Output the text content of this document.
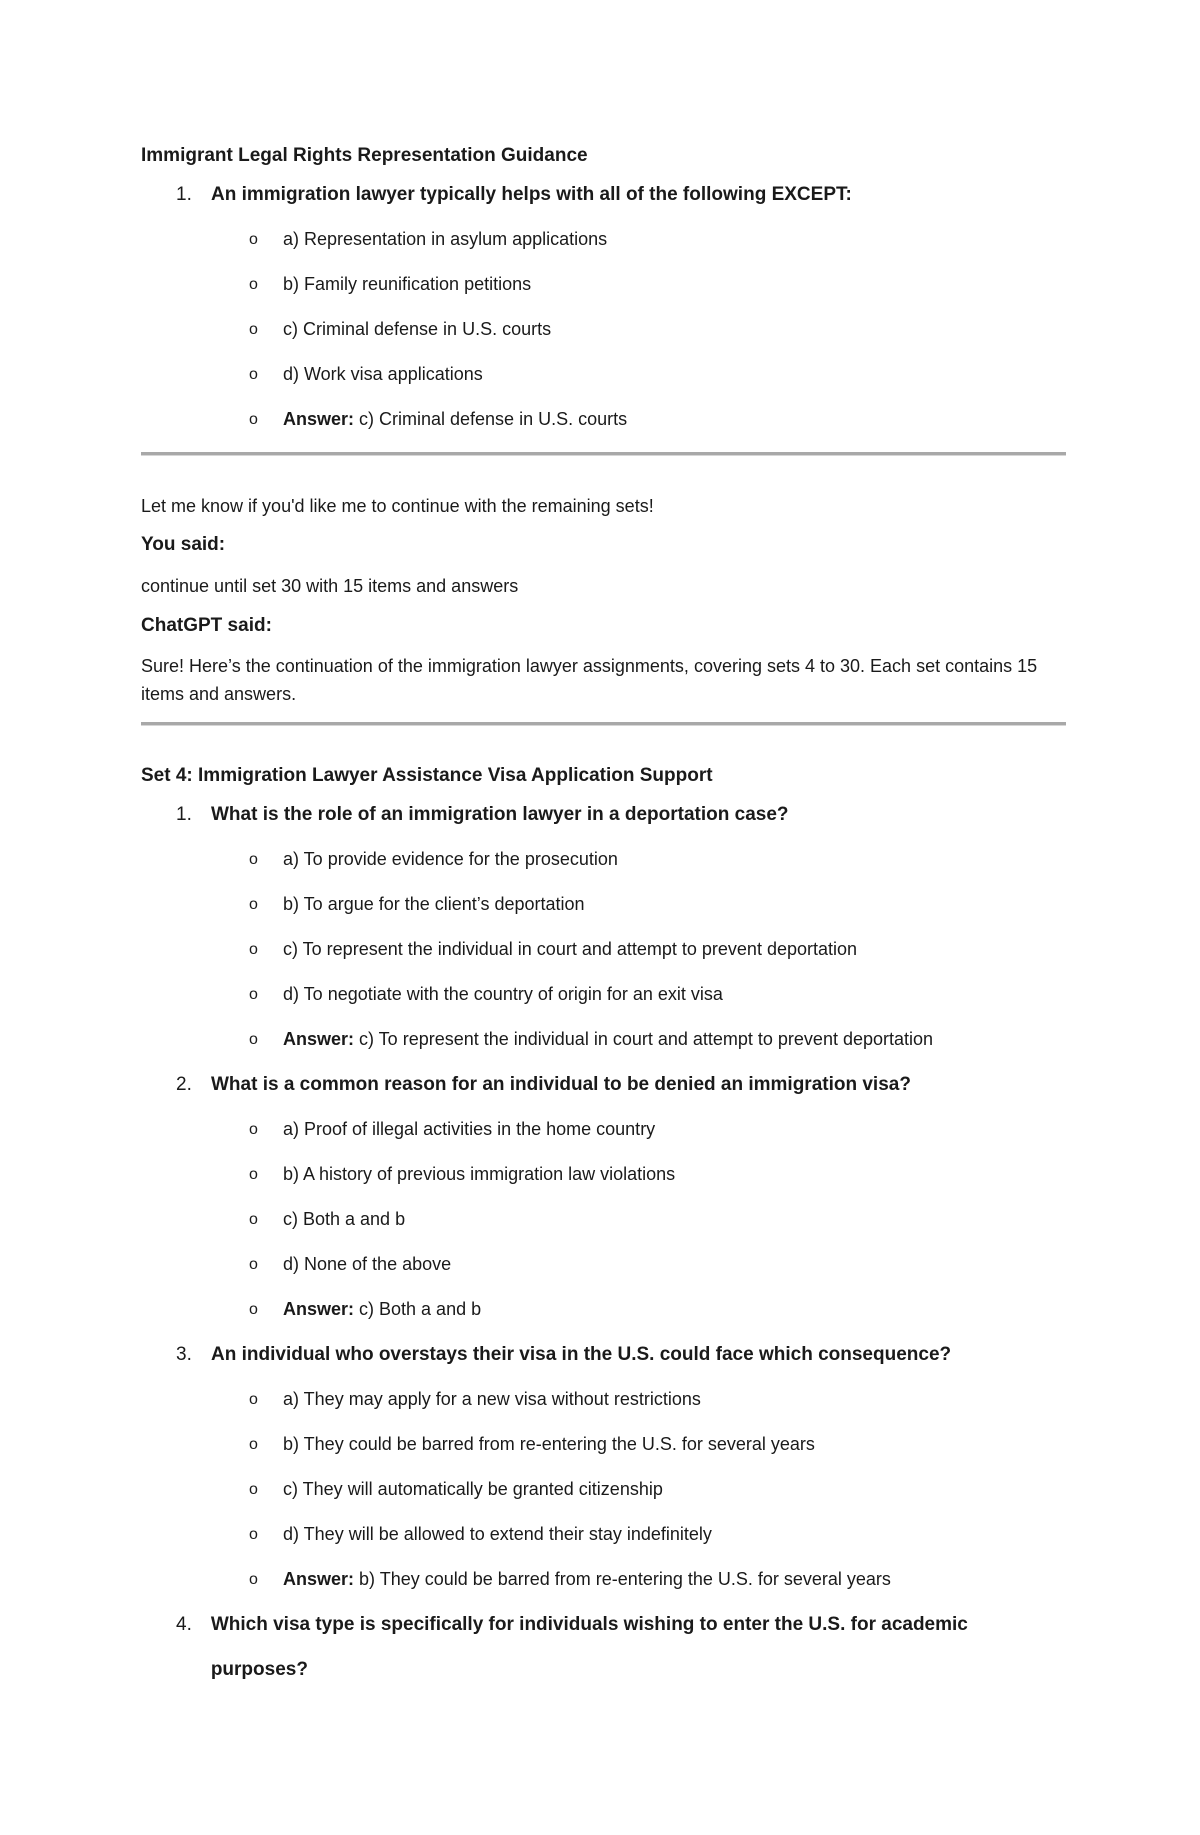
Immigrant Legal Rights Representation Guidance

1.	An immigration lawyer typically helps with all of the following EXCEPT:
o	a) Representation in asylum applications
o	b) Family reunification petitions
o	c) Criminal defense in U.S. courts
o	d) Work visa applications
o	Answer: c) Criminal defense in U.S. courts

Let me know if you'd like me to continue with the remaining sets!

You said:

continue until set 30 with 15 items and answers

ChatGPT said:

Sure! Here’s the continuation of the immigration lawyer assignments, covering sets 4 to 30. Each set contains 15 items and answers.

Set 4: Immigration Lawyer Assistance Visa Application Support

1.	What is the role of an immigration lawyer in a deportation case?
o	a) To provide evidence for the prosecution
o	b) To argue for the client’s deportation
o	c) To represent the individual in court and attempt to prevent deportation
o	d) To negotiate with the country of origin for an exit visa
o	Answer: c) To represent the individual in court and attempt to prevent deportation
2.	What is a common reason for an individual to be denied an immigration visa?
o	a) Proof of illegal activities in the home country
o	b) A history of previous immigration law violations
o	c) Both a and b
o	d) None of the above
o	Answer: c) Both a and b
3.	An individual who overstays their visa in the U.S. could face which consequence?
o	a) They may apply for a new visa without restrictions
o	b) They could be barred from re-entering the U.S. for several years
o	c) They will automatically be granted citizenship
o	d) They will be allowed to extend their stay indefinitely
o	Answer: b) They could be barred from re-entering the U.S. for several years
4. Which visa type is specifically for individuals wishing to enter the U.S. for academic purposes?
